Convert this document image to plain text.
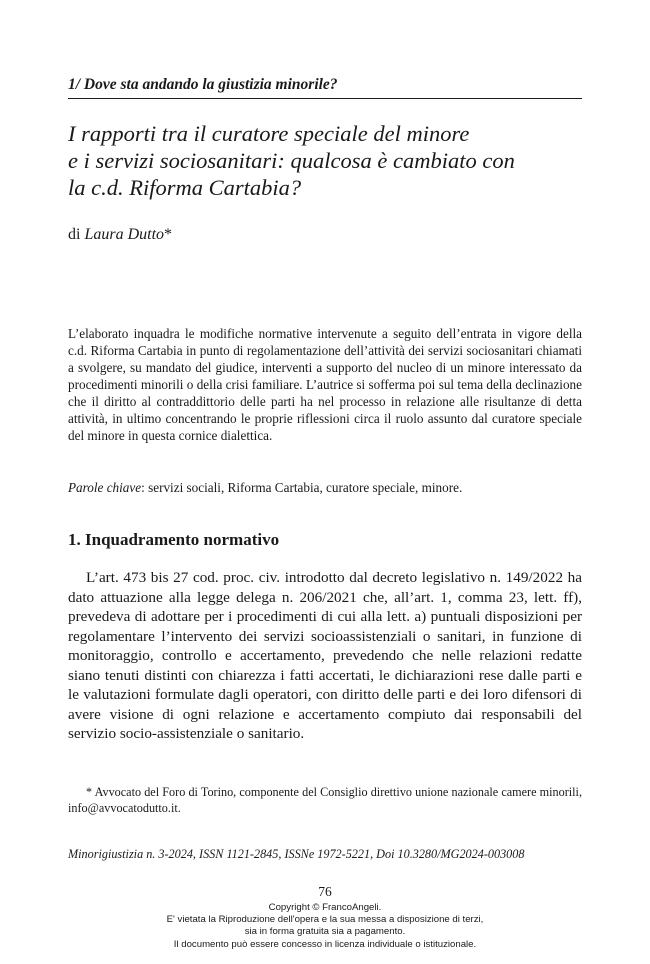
1/ Dove sta andando la giustizia minorile?
I rapporti tra il curatore speciale del minore
e i servizi sociosanitari: qualcosa è cambiato con
la c.d. Riforma Cartabia?
di Laura Dutto*

L’elaborato inquadra le modifiche normative intervenute a seguito dell’entrata in vigore della c.d. Riforma Cartabia in punto di regolamentazione dell’attività dei servizi sociosanitari chiamati a svolgere, su mandato del giudice, interventi a supporto del nucleo di un minore interessato da procedimenti minorili o della crisi familiare. L’autrice si sofferma poi sul tema della declinazione che il diritto al contraddittorio delle parti ha nel processo in relazione alle risultanze di detta attività, in ultimo concentrando le proprie riflessioni circa il ruolo assunto dal curatore speciale del minore in questa cornice dialettica.

Parole chiave: servizi sociali, Riforma Cartabia, curatore speciale, minore.

1. Inquadramento normativo

L’art. 473 bis 27 cod. proc. civ. introdotto dal decreto legislativo n. 149/2022 ha dato attuazione alla legge delega n. 206/2021 che, all’art. 1, comma 23, lett. ff), prevedeva di adottare per i procedimenti di cui alla lett. a) puntuali disposizioni per regolamentare l’intervento dei servizi socioassistenziali o sanitari, in funzione di monitoraggio, controllo e accertamento, prevedendo che nelle relazioni redatte siano tenuti distinti con chiarezza i fatti accertati, le dichiarazioni rese dalle parti e le valutazioni formulate dagli operatori, con diritto delle parti e dei loro difensori di avere visione di ogni relazione e accertamento compiuto dai responsabili del servizio socio-assistenziale o sanitario.

* Avvocato del Foro di Torino, componente del Consiglio direttivo unione nazionale camere minorili, info@avvocatodutto.it.

Minorigiustizia n. 3-2024, ISSN 1121-2845, ISSNe 1972-5221, Doi 10.3280/MG2024-003008

76

Copyright © FrancoAngeli.
E' vietata la Riproduzione dell'opera e la sua messa a disposizione di terzi,
sia in forma gratuita sia a pagamento.
Il documento può essere concesso in licenza individuale o istituzionale.
